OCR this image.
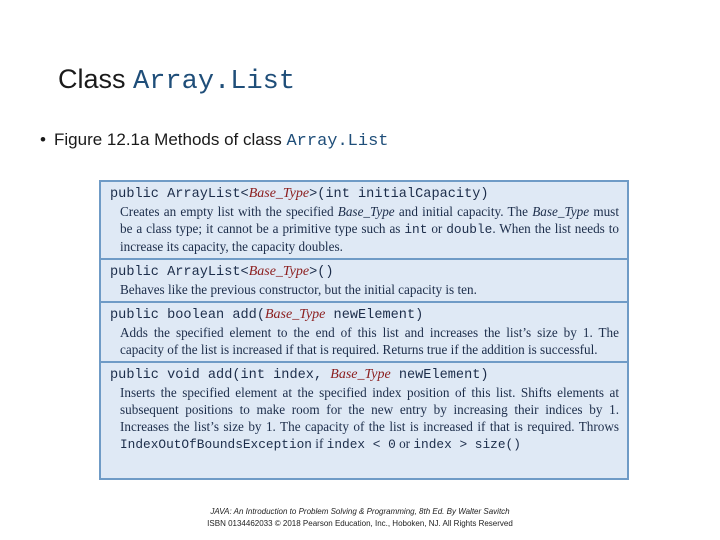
Class Array.List
• Figure 12.1a Methods of class Array.List
public ArrayList<Base_Type>(int initialCapacity)
Creates an empty list with the specified Base_Type and initial capacity. The Base_Type must be a class type; it cannot be a primitive type such as int or double. When the list needs to increase its capacity, the capacity doubles.
public ArrayList<Base_Type>()
Behaves like the previous constructor, but the initial capacity is ten.
public boolean add(Base_Type newElement)
Adds the specified element to the end of this list and increases the list’s size by 1. The capacity of the list is increased if that is required. Returns true if the addition is successful.
public void add(int index, Base_Type newElement)
Inserts the specified element at the specified index position of this list. Shifts elements at subsequent positions to make room for the new entry by increasing their indices by 1. Increases the list’s size by 1. The capacity of the list is increased if that is required. Throws IndexOutOfBoundsException if index < 0 or index > size()
JAVA: An Introduction to Problem Solving & Programming, 8th Ed. By Walter Savitch
ISBN 0134462033 © 2018 Pearson Education, Inc., Hoboken, NJ. All Rights Reserved
